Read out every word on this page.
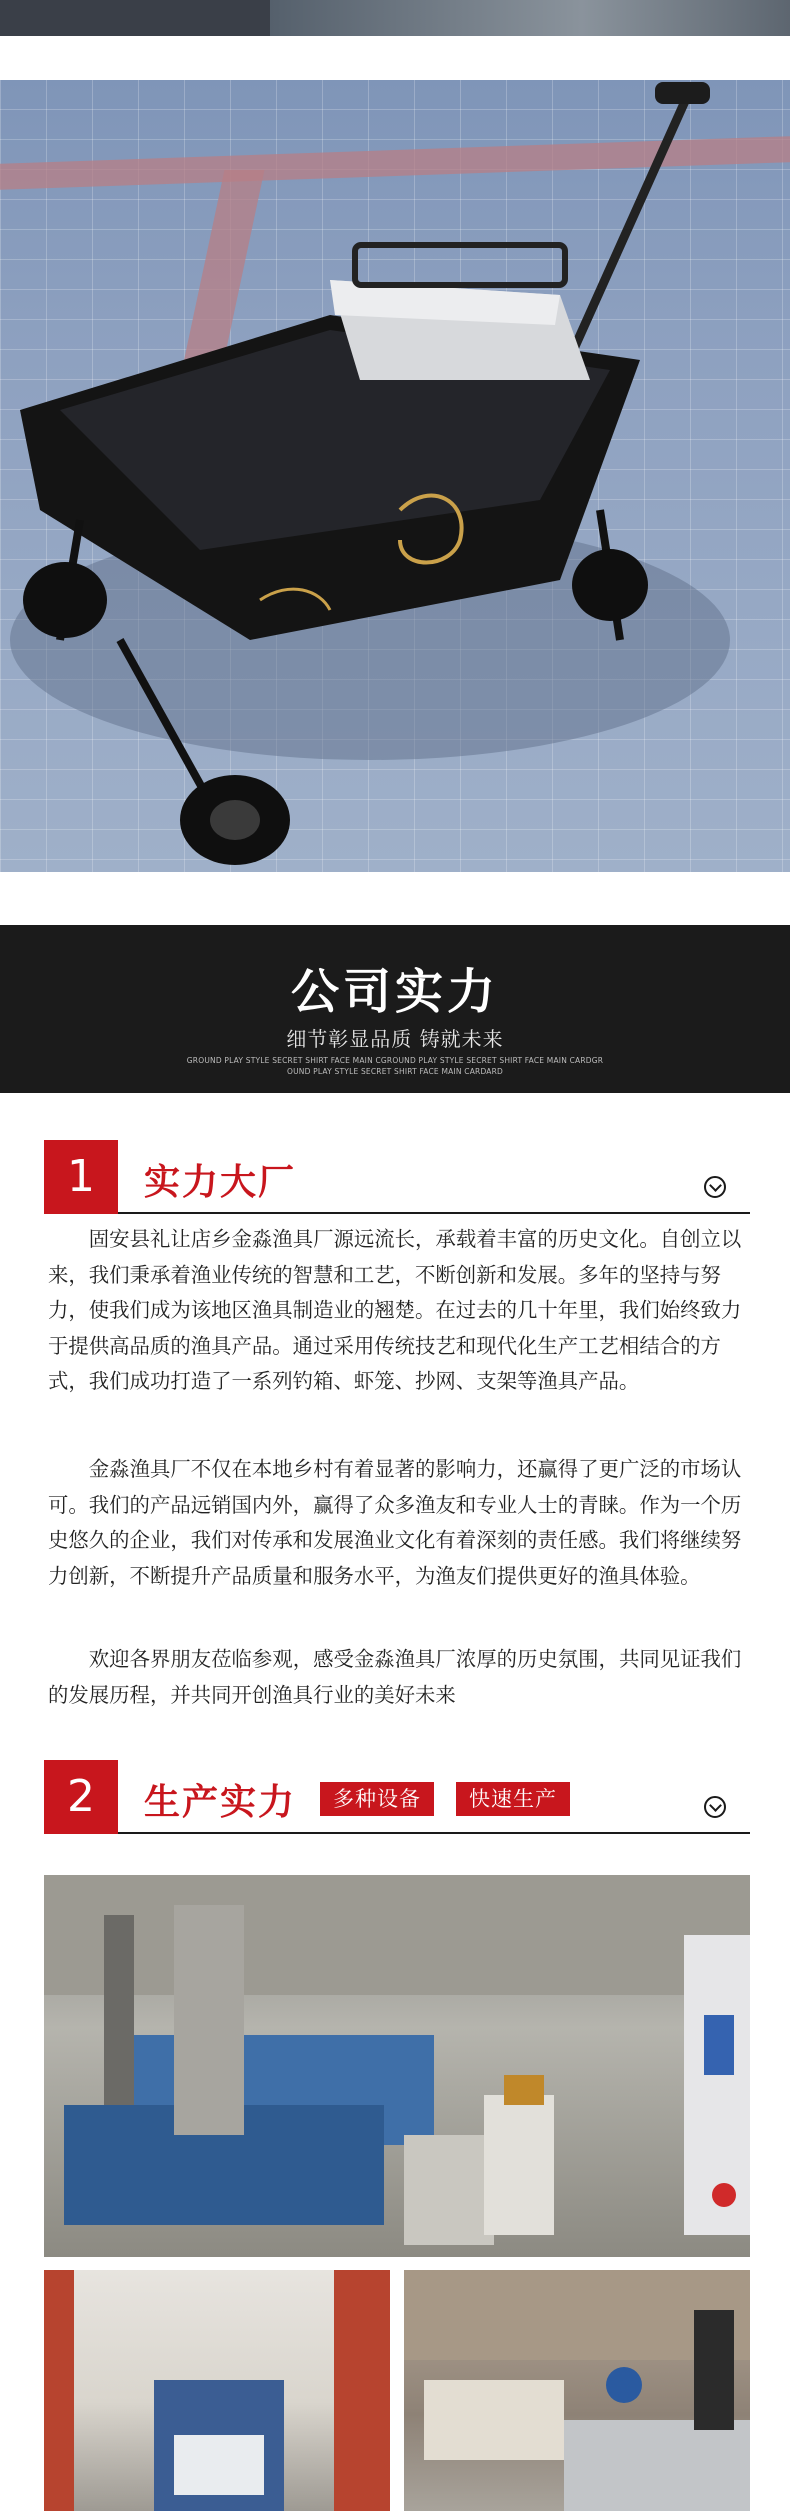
公司实力
细节彰显品质 铸就未来
GROUND PLAY STYLE SECRET SHIRT FACE MAIN CGROUND PLAY STYLE SECRET SHIRT FACE MAIN CARDGR
OUND PLAY STYLE SECRET SHIRT FACE MAIN CARDARD
1	实力大厂

固安县礼让店乡金淼渔具厂源远流长，承载着丰富的历史文化。自创立以来，我们秉承着渔业传统的智慧和工艺，不断创新和发展。多年的坚持与努力，使我们成为该地区渔具制造业的翘楚。在过去的几十年里，我们始终致力于提供高品质的渔具产品。通过采用传统技艺和现代化生产工艺相结合的方式，我们成功打造了一系列钓箱、虾笼、抄网、支架等渔具产品。

金淼渔具厂不仅在本地乡村有着显著的影响力，还赢得了更广泛的市场认可。我们的产品远销国内外，赢得了众多渔友和专业人士的青睐。作为一个历史悠久的企业，我们对传承和发展渔业文化有着深刻的责任感。我们将继续努力创新，不断提升产品质量和服务水平，为渔友们提供更好的渔具体验。

欢迎各界朋友莅临参观，感受金淼渔具厂浓厚的历史氛围，共同见证我们的发展历程，并共同开创渔具行业的美好未来

2	生产实力	多种设备	快速生产
